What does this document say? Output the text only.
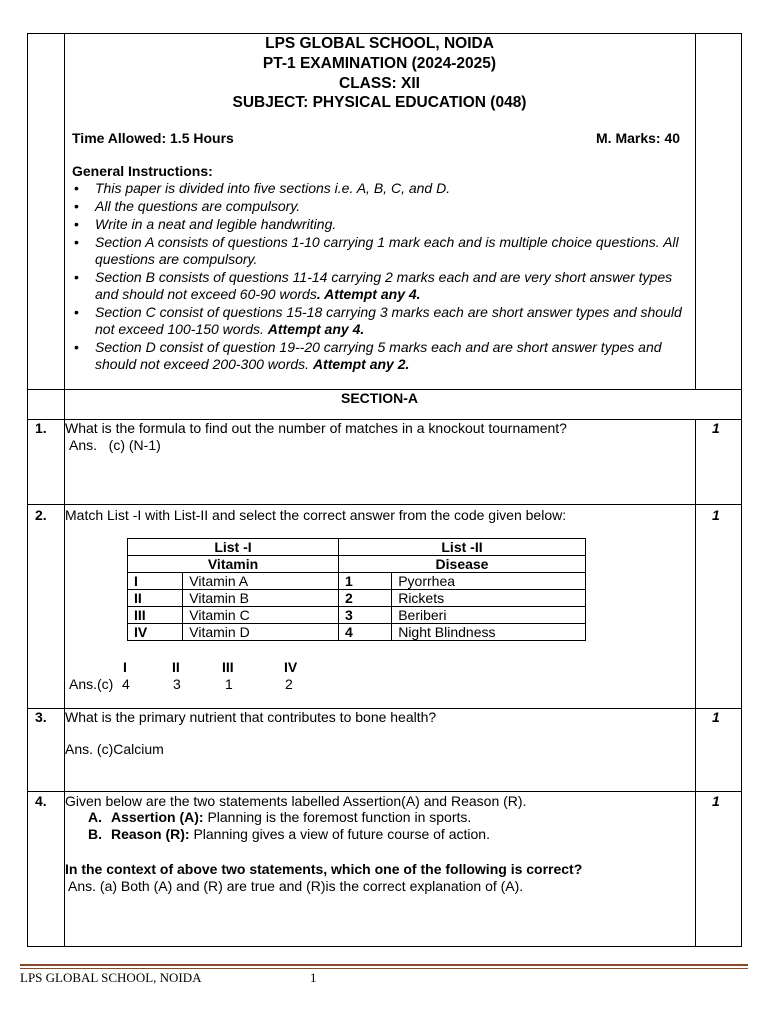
LPS GLOBAL SCHOOL, NOIDA
PT-1 EXAMINATION (2024-2025)
CLASS: XII
SUBJECT: PHYSICAL EDUCATION (048)
Time Allowed: 1.5 Hours	M. Marks: 40
General Instructions:
• This paper is divided into five sections i.e. A, B, C, and D.
• All the questions are compulsory.
• Write in a neat and legible handwriting.
• Section A consists of questions 1-10 carrying 1 mark each and is multiple choice questions. All questions are compulsory.
• Section B consists of questions 11-14 carrying 2 marks each and are very short answer types and should not exceed 60-90 words. Attempt any 4.
• Section C consist of questions 15-18 carrying 3 marks each are short answer types and should not exceed 100-150 words. Attempt any 4.
• Section D consist of question 19--20 carrying 5 marks each and are short answer types and should not exceed 200-300 words. Attempt any 2.
SECTION-A
1. What is the formula to find out the number of matches in a knockout tournament?
Ans.   (c) (N-1)
1
2. Match List -I with List-II and select the correct answer from the code given below:	1
List -I		List -II	
Vitamin		Disease	
I	Vitamin A	1	Pyorrhea
II	Vitamin B	2	Rickets
III	Vitamin C	3	Beriberi
IV	Vitamin D	4	Night Blindness
I	II	III	IV
Ans.(c) 4	3	1	2
3. What is the primary nutrient that contributes to bone health?
Ans. (c)Calcium
1
4. Given below are the two statements labelled Assertion(A) and Reason (R).	1
A. Assertion (A): Planning is the foremost function in sports.
B. Reason (R): Planning gives a view of future course of action.
In the context of above two statements, which one of the following is correct?
Ans. (a) Both (A) and (R) are true and (R)is the correct explanation of (A).
LPS GLOBAL SCHOOL, NOIDA	1
